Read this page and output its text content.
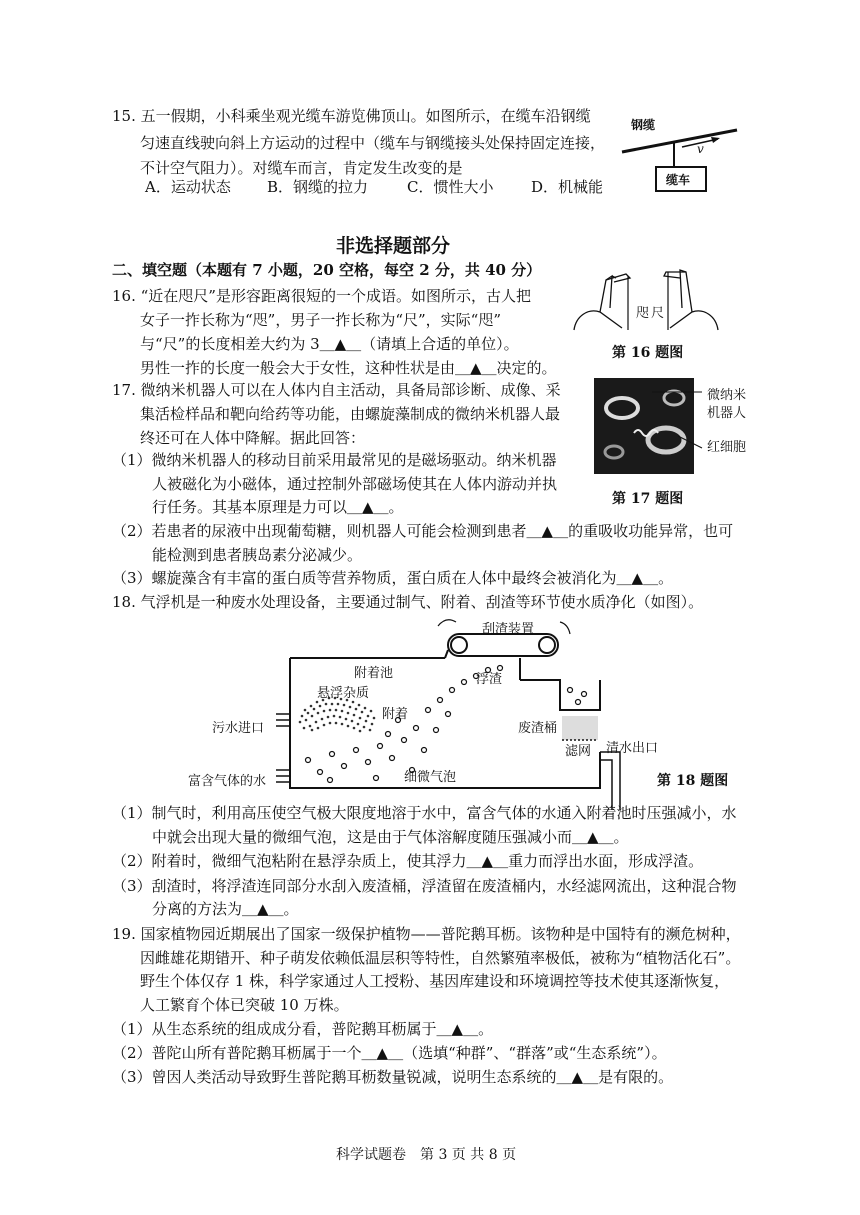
15. 五一假期，小科乘坐观光缆车游览佛顶山。如图所示，在缆车沿钢缆
匀速直线驶向斜上方运动的过程中（缆车与钢缆接头处保持固定连接，
不计空气阻力）。对缆车而言，肯定发生改变的是
A．运动状态 B．钢缆的拉力	C．惯性大小	D．机械能
钢缆
缆车
v
非选择题部分
二、填空题（本题有 7 小题，20 空格，每空 2 分，共 40 分）
16. “近在咫尺”是形容距离很短的一个成语。如图所示，古人把
女子一拃长称为“咫”，男子一拃长称为“尺”，实际“咫”
与“尺”的长度相差大约为 3＿▲＿（请填上合适的单位）。
男性一拃的长度一般会大于女性，这种性状是由＿▲＿决定的。
咫 尺
第 16 题图
17. 微纳米机器人可以在人体内自主活动，具备局部诊断、成像、采
集活检样品和靶向给药等功能，由螺旋藻制成的微纳米机器人最
终还可在人体中降解。据此回答：
（1）微纳米机器人的移动目前采用最常见的是磁场驱动。纳米机器
人被磁化为小磁体，通过控制外部磁场使其在人体内游动并执
行任务。其基本原理是力可以＿▲＿。
（2）若患者的尿液中出现葡萄糖，则机器人可能会检测到患者＿▲＿的重吸收功能异常，也可
能检测到患者胰岛素分泌减少。
（3）螺旋藻含有丰富的蛋白质等营养物质，蛋白质在人体中最终会被消化为＿▲＿。
微纳米
机器人
红细胞
第 17 题图
18. 气浮机是一种废水处理设备，主要通过制气、附着、刮渣等环节使水质净化（如图）。
刮渣装置
附着池
悬浮杂质
附着
浮渣
废渣桶
污水进口
富含气体的水	细微气泡
滤网 清水出口
第 18 题图
（1）制气时，利用高压使空气极大限度地溶于水中，富含气体的水通入附着池时压强减小，水
中就会出现大量的微细气泡，这是由于气体溶解度随压强减小而＿▲＿。
（2）附着时，微细气泡粘附在悬浮杂质上，使其浮力＿▲＿重力而浮出水面，形成浮渣。
（3）刮渣时，将浮渣连同部分水刮入废渣桶，浮渣留在废渣桶内，水经滤网流出，这种混合物
分离的方法为＿▲＿。
19. 国家植物园近期展出了国家一级保护植物——普陀鹅耳枥。该物种是中国特有的濒危树种，
因雌雄花期错开、种子萌发依赖低温层积等特性，自然繁殖率极低，被称为“植物活化石”。
野生个体仅存 1 株，科学家通过人工授粉、基因库建设和环境调控等技术使其逐渐恢复，
人工繁育个体已突破 10 万株。
（1）从生态系统的组成成分看，普陀鹅耳枥属于＿▲＿。
（2）普陀山所有普陀鹅耳枥属于一个＿▲＿（选填“种群”、“群落”或“生态系统”）。
（3）曾因人类活动导致野生普陀鹅耳枥数量锐减，说明生态系统的＿▲＿是有限的。
科学试题卷　第 3 页 共 8 页
